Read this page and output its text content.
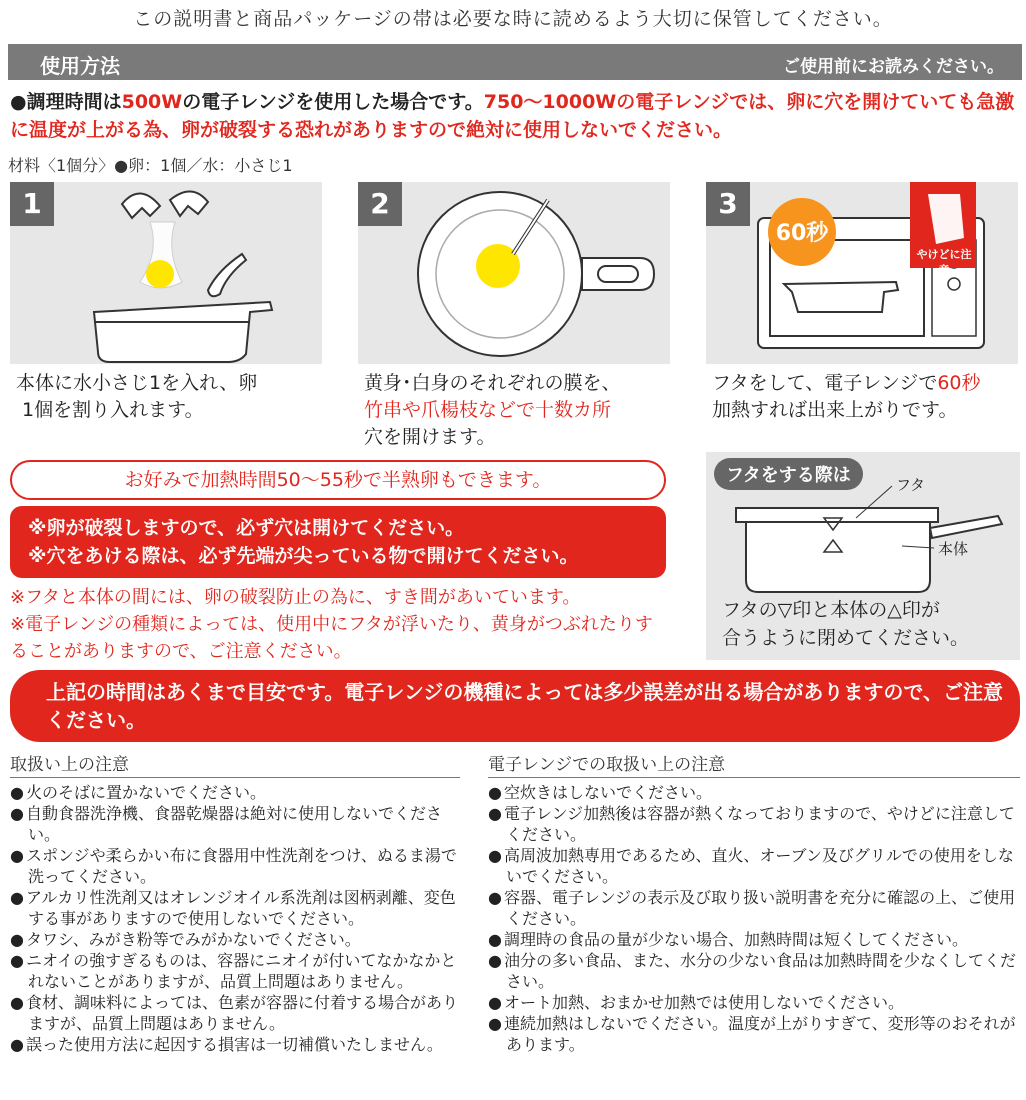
この説明書と商品パッケージの帯は必要な時に読めるよう大切に保管してください。
使用方法	ご使用前にお読みください。
●調理時間は500Wの電子レンジを使用した場合です。750〜1000Wの電子レンジでは、卵に穴を開けていても急激に温度が上がる為、卵が破裂する恐れがありますので絶対に使用しないでください。
材料〈1個分〉●卵：1個／水：小さじ1
1
本体に水小さじ1を入れ、卵
1個を割り入れます。
2
黄身･白身のそれぞれの膜を、
竹串や爪楊枝などで十数カ所
穴を開けます。
3
60秒
やけどに注意
フタをして、電子レンジで60秒
加熱すれば出来上がりです。
お好みで加熱時間50〜55秒で半熟卵もできます。
※卵が破裂しますので、必ず穴は開けてください。
※穴をあける際は、必ず先端が尖っている物で開けてください。
※フタと本体の間には、卵の破裂防止の為に、すき間があいています。
※電子レンジの種類によっては、使用中にフタが浮いたり、黄身がつぶれたりすることがありますので、ご注意ください。
フタをする際は	フタ
本体
フタの▽印と本体の△印が
合うように閉めてください。
上記の時間はあくまで目安です。電子レンジの機種によっては多少誤差が出る場合がありますので、ご注意ください。
取扱い上の注意
● 火のそばに置かないでください。
● 自動食器洗浄機、食器乾燥器は絶対に使用しないでください。
● スポンジや柔らかい布に食器用中性洗剤をつけ、ぬるま湯で洗ってください。
● アルカリ性洗剤又はオレンジオイル系洗剤は図柄剥離、変色する事がありますので使用しないでください。
● タワシ、みがき粉等でみがかないでください。
● ニオイの強すぎるものは、容器にニオイが付いてなかなかとれないことがありますが、品質上問題はありません。
● 食材、調味料によっては、色素が容器に付着する場合がありますが、品質上問題はありません。
● 誤った使用方法に起因する損害は一切補償いたしません。
電子レンジでの取扱い上の注意
● 空炊きはしないでください。
● 電子レンジ加熱後は容器が熱くなっておりますので、やけどに注意してください。
● 高周波加熱専用であるため、直火、オーブン及びグリルでの使用をしないでください。
● 容器、電子レンジの表示及び取り扱い説明書を充分に確認の上、ご使用ください。
● 調理時の食品の量が少ない場合、加熱時間は短くしてください。
● 油分の多い食品、また、水分の少ない食品は加熱時間を少なくしてください。
● オート加熱、おまかせ加熱では使用しないでください。
● 連続加熱はしないでください。温度が上がりすぎて、変形等のおそれがあります。
